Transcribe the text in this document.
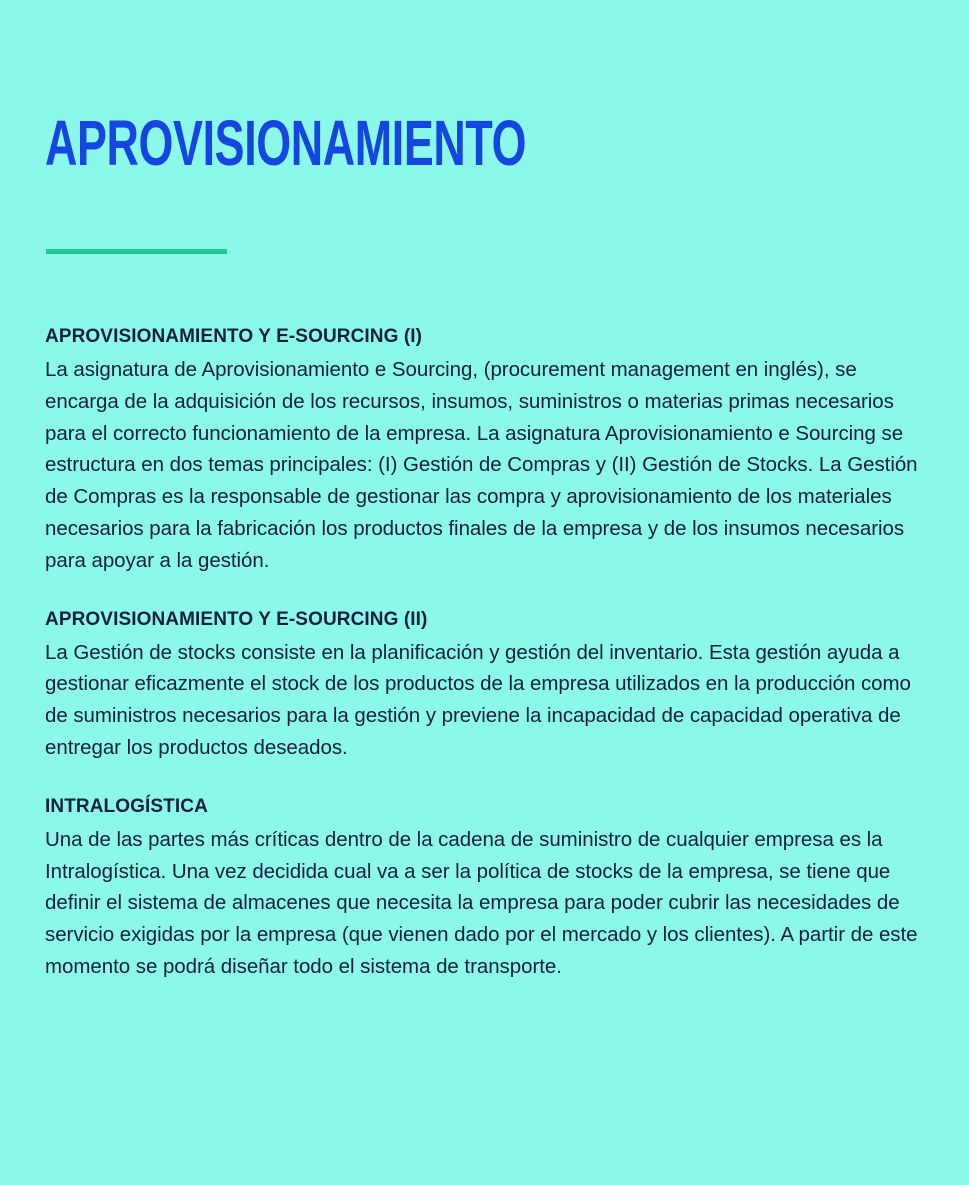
APROVISIONAMIENTO
APROVISIONAMIENTO Y E-SOURCING (I)

La asignatura de Aprovisionamiento e Sourcing, (procurement management en inglés), se encarga de la adquisición de los recursos, insumos, suministros o materias primas necesarios para el correcto funcionamiento de la empresa. La asignatura Aprovisionamiento e Sourcing se estructura en dos temas principales: (I) Gestión de Compras y (II) Gestión de Stocks. La Gestión de Compras es la responsable de gestionar las compra y aprovisionamiento de los materiales necesarios para la fabricación los productos finales de la empresa y de los insumos necesarios para apoyar a la gestión.

APROVISIONAMIENTO Y E-SOURCING (II)

La Gestión de stocks consiste en la planificación y gestión del inventario. Esta gestión ayuda a gestionar eficazmente el stock de los productos de la empresa utilizados en la producción como de suministros necesarios para la gestión y previene la incapacidad de capacidad operativa de entregar los productos deseados.

INTRALOGÍSTICA

Una de las partes más críticas dentro de la cadena de suministro de cualquier empresa es la Intralogística. Una vez decidida cual va a ser la política de stocks de la empresa, se tiene que definir el sistema de almacenes que necesita la empresa para poder cubrir las necesidades de servicio exigidas por la empresa (que vienen dado por el mercado y los clientes). A partir de este momento se podrá diseñar todo el sistema de transporte.
